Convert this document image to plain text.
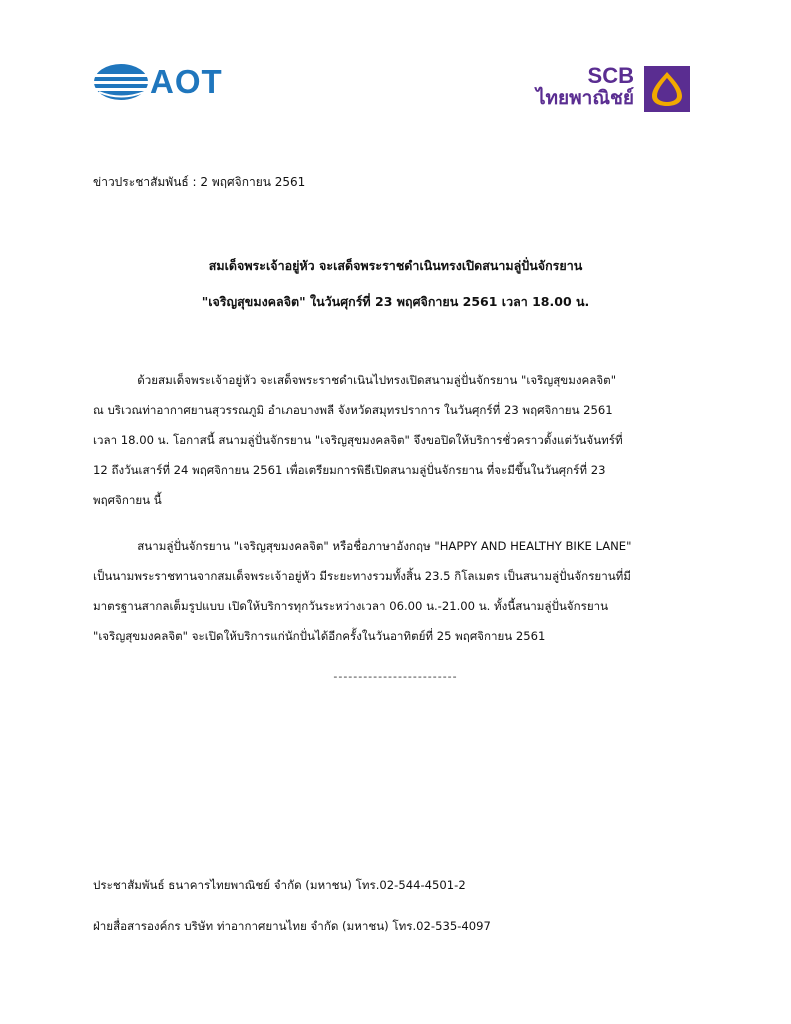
AOT	SCB
ไทยพาณิชย์
ข่าวประชาสัมพันธ์ : 2 พฤศจิกายน 2561
สมเด็จพระเจ้าอยู่หัว จะเสด็จพระราชดำเนินทรงเปิดสนามลู่ปั่นจักรยาน
"เจริญสุขมงคลจิต" ในวันศุกร์ที่ 23 พฤศจิกายน 2561 เวลา 18.00 น.
ด้วยสมเด็จพระเจ้าอยู่หัว จะเสด็จพระราชดำเนินไปทรงเปิดสนามลู่ปั่นจักรยาน "เจริญสุขมงคลจิต"
ณ บริเวณท่าอากาศยานสุวรรณภูมิ อำเภอบางพลี จังหวัดสมุทรปราการ ในวันศุกร์ที่ 23 พฤศจิกายน 2561
เวลา 18.00 น. โอกาสนี้ สนามลู่ปั่นจักรยาน "เจริญสุขมงคลจิต" จึงขอปิดให้บริการชั่วคราวตั้งแต่วันจันทร์ที่
12 ถึงวันเสาร์ที่ 24 พฤศจิกายน 2561 เพื่อเตรียมการพิธีเปิดสนามลู่ปั่นจักรยาน ที่จะมีขึ้นในวันศุกร์ที่ 23
พฤศจิกายน นี้
สนามลู่ปั่นจักรยาน "เจริญสุขมงคลจิต" หรือชื่อภาษาอังกฤษ "HAPPY AND HEALTHY BIKE LANE"
เป็นนามพระราชทานจากสมเด็จพระเจ้าอยู่หัว มีระยะทางรวมทั้งสิ้น 23.5 กิโลเมตร เป็นสนามลู่ปั่นจักรยานที่มี
มาตรฐานสากลเต็มรูปแบบ เปิดให้บริการทุกวันระหว่างเวลา 06.00 น.-21.00 น. ทั้งนี้สนามลู่ปั่นจักรยาน
"เจริญสุขมงคลจิต" จะเปิดให้บริการแก่นักปั่นได้อีกครั้งในวันอาทิตย์ที่ 25 พฤศจิกายน 2561
-------------------------
ประชาสัมพันธ์ ธนาคารไทยพาณิชย์ จำกัด (มหาชน) โทร.02-544-4501-2
ฝ่ายสื่อสารองค์กร บริษัท ท่าอากาศยานไทย จำกัด (มหาชน) โทร.02-535-4097
